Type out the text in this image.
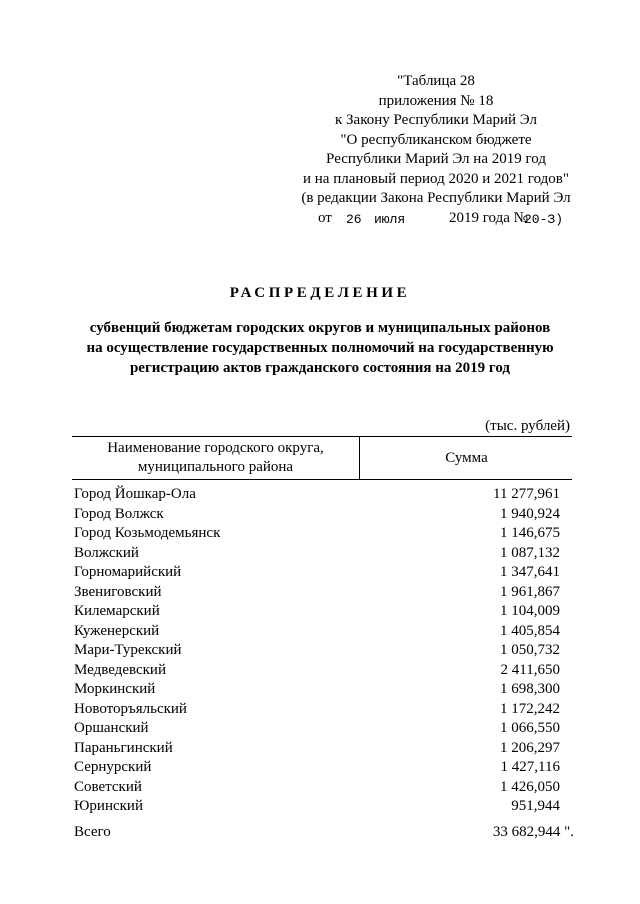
"Таблица 28
приложения № 18
к Закону Республики Марий Эл
"О республиканском бюджете
Республики Марий Эл на 2019 год
и на плановый период 2020 и 2021 годов"
(в редакции Закона Республики Марий Эл
от 26 июля	2019 года №
20-З)
РАСПРЕДЕЛЕНИЕ
субвенций бюджетам городских округов и муниципальных районов
на осуществление государственных полномочий на государственную
регистрацию актов гражданского состояния на 2019 год
(тыс. рублей)
Наименование городского округа,
муниципального района
Сумма
Город Йошкар-Ола	11 277,961
Город Волжск	1 940,924
Город Козьмодемьянск	1 146,675
Волжский	1 087,132
Горномарийский	1 347,641
Звениговский	1 961,867
Килемарский	1 104,009
Куженерский	1 405,854
Мари-Турекский	1 050,732
Медведевский	2 411,650
Моркинский	1 698,300
Новоторъяльский	1 172,242
Оршанский	1 066,550
Параньгинский	1 206,297
Сернурский	1 427,116
Советский	1 426,050
Юринский	951,944
Всего	33 682,944 ".
